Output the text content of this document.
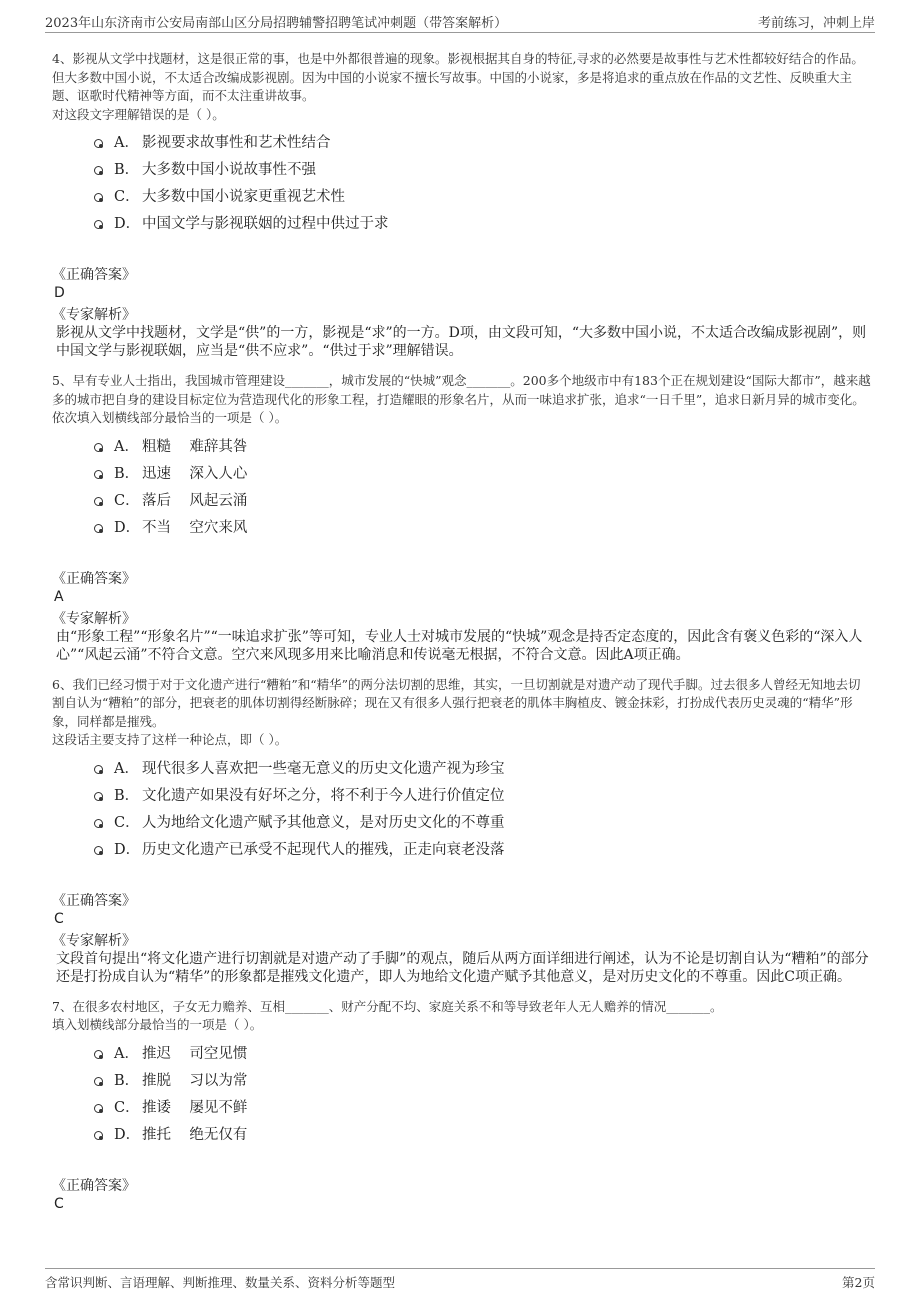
2023年山东济南市公安局南部山区分局招聘辅警招聘笔试冲刺题（带答案解析）	考前练习，冲刺上岸

4、影视从文学中找题材，这是很正常的事，也是中外都很普遍的现象。影视根据其自身的特征,寻求的必然要是故事性与艺术性都较好结合的作品。但大多数中国小说，不太适合改编成影视剧。因为中国的小说家不擅长写故事。中国的小说家，多是将追求的重点放在作品的文艺性、反映重大主题、讴歌时代精神等方面，而不太注重讲故事。

对这段文字理解错误的是（ ）。

A． 影视要求故事性和艺术性结合
B． 大多数中国小说故事性不强
C． 大多数中国小说家更重视艺术性
D． 中国文学与影视联姻的过程中供过于求
《正确答案》
D
《专家解析》

影视从文学中找题材，文学是“供”的一方，影视是“求”的一方。D项，由文段可知，“大多数中国小说，不太适合改编成影视剧”，则中国文学与影视联姻，应当是“供不应求”。“供过于求”理解错误。

5、早有专业人士指出，我国城市管理建设_______，城市发展的“快城”观念_______。200多个地级市中有183个正在规划建设“国际大都市”，越来越多的城市把自身的建设目标定位为营造现代化的形象工程，打造耀眼的形象名片，从而一味追求扩张，追求“一日千里”，追求日新月异的城市变化。

依次填入划横线部分最恰当的一项是（ ）。

A． 粗糙    难辞其咎
B． 迅速    深入人心
C． 落后    风起云涌
D． 不当    空穴来风
《正确答案》
A
《专家解析》

由“形象工程”“形象名片”“一味追求扩张”等可知，专业人士对城市发展的“快城”观念是持否定态度的，因此含有褒义色彩的“深入人心”“风起云涌”不符合文意。空穴来风现多用来比喻消息和传说毫无根据，不符合文意。因此A项正确。

6、我们已经习惯于对于文化遗产进行“糟粕”和“精华”的两分法切割的思维，其实，一旦切割就是对遗产动了现代手脚。过去很多人曾经无知地去切割自认为“糟粕”的部分，把衰老的肌体切割得经断脉碎；现在又有很多人强行把衰老的肌体丰胸植皮、镀金抹彩，打扮成代表历史灵魂的“精华”形象，同样都是摧残。

这段话主要支持了这样一种论点，即（ ）。

A． 现代很多人喜欢把一些毫无意义的历史文化遗产视为珍宝
B． 文化遗产如果没有好坏之分，将不利于今人进行价值定位
C． 人为地给文化遗产赋予其他意义，是对历史文化的不尊重
D． 历史文化遗产已承受不起现代人的摧残，正走向衰老没落
《正确答案》
C
《专家解析》

文段首句提出“将文化遗产进行切割就是对遗产动了手脚”的观点，随后从两方面详细进行阐述，认为不论是切割自认为“糟粕”的部分还是打扮成自认为“精华”的形象都是摧残文化遗产，即人为地给文化遗产赋予其他意义，是对历史文化的不尊重。因此C项正确。

7、在很多农村地区，子女无力赡养、互相_______、财产分配不均、家庭关系不和等导致老年人无人赡养的情况_______。

填入划横线部分最恰当的一项是（ ）。

A． 推迟    司空见惯
B． 推脱    习以为常
C． 推诿    屡见不鲜
D． 推托    绝无仅有
《正确答案》
C
含常识判断、言语理解、判断推理、数量关系、资料分析等题型	第2页
